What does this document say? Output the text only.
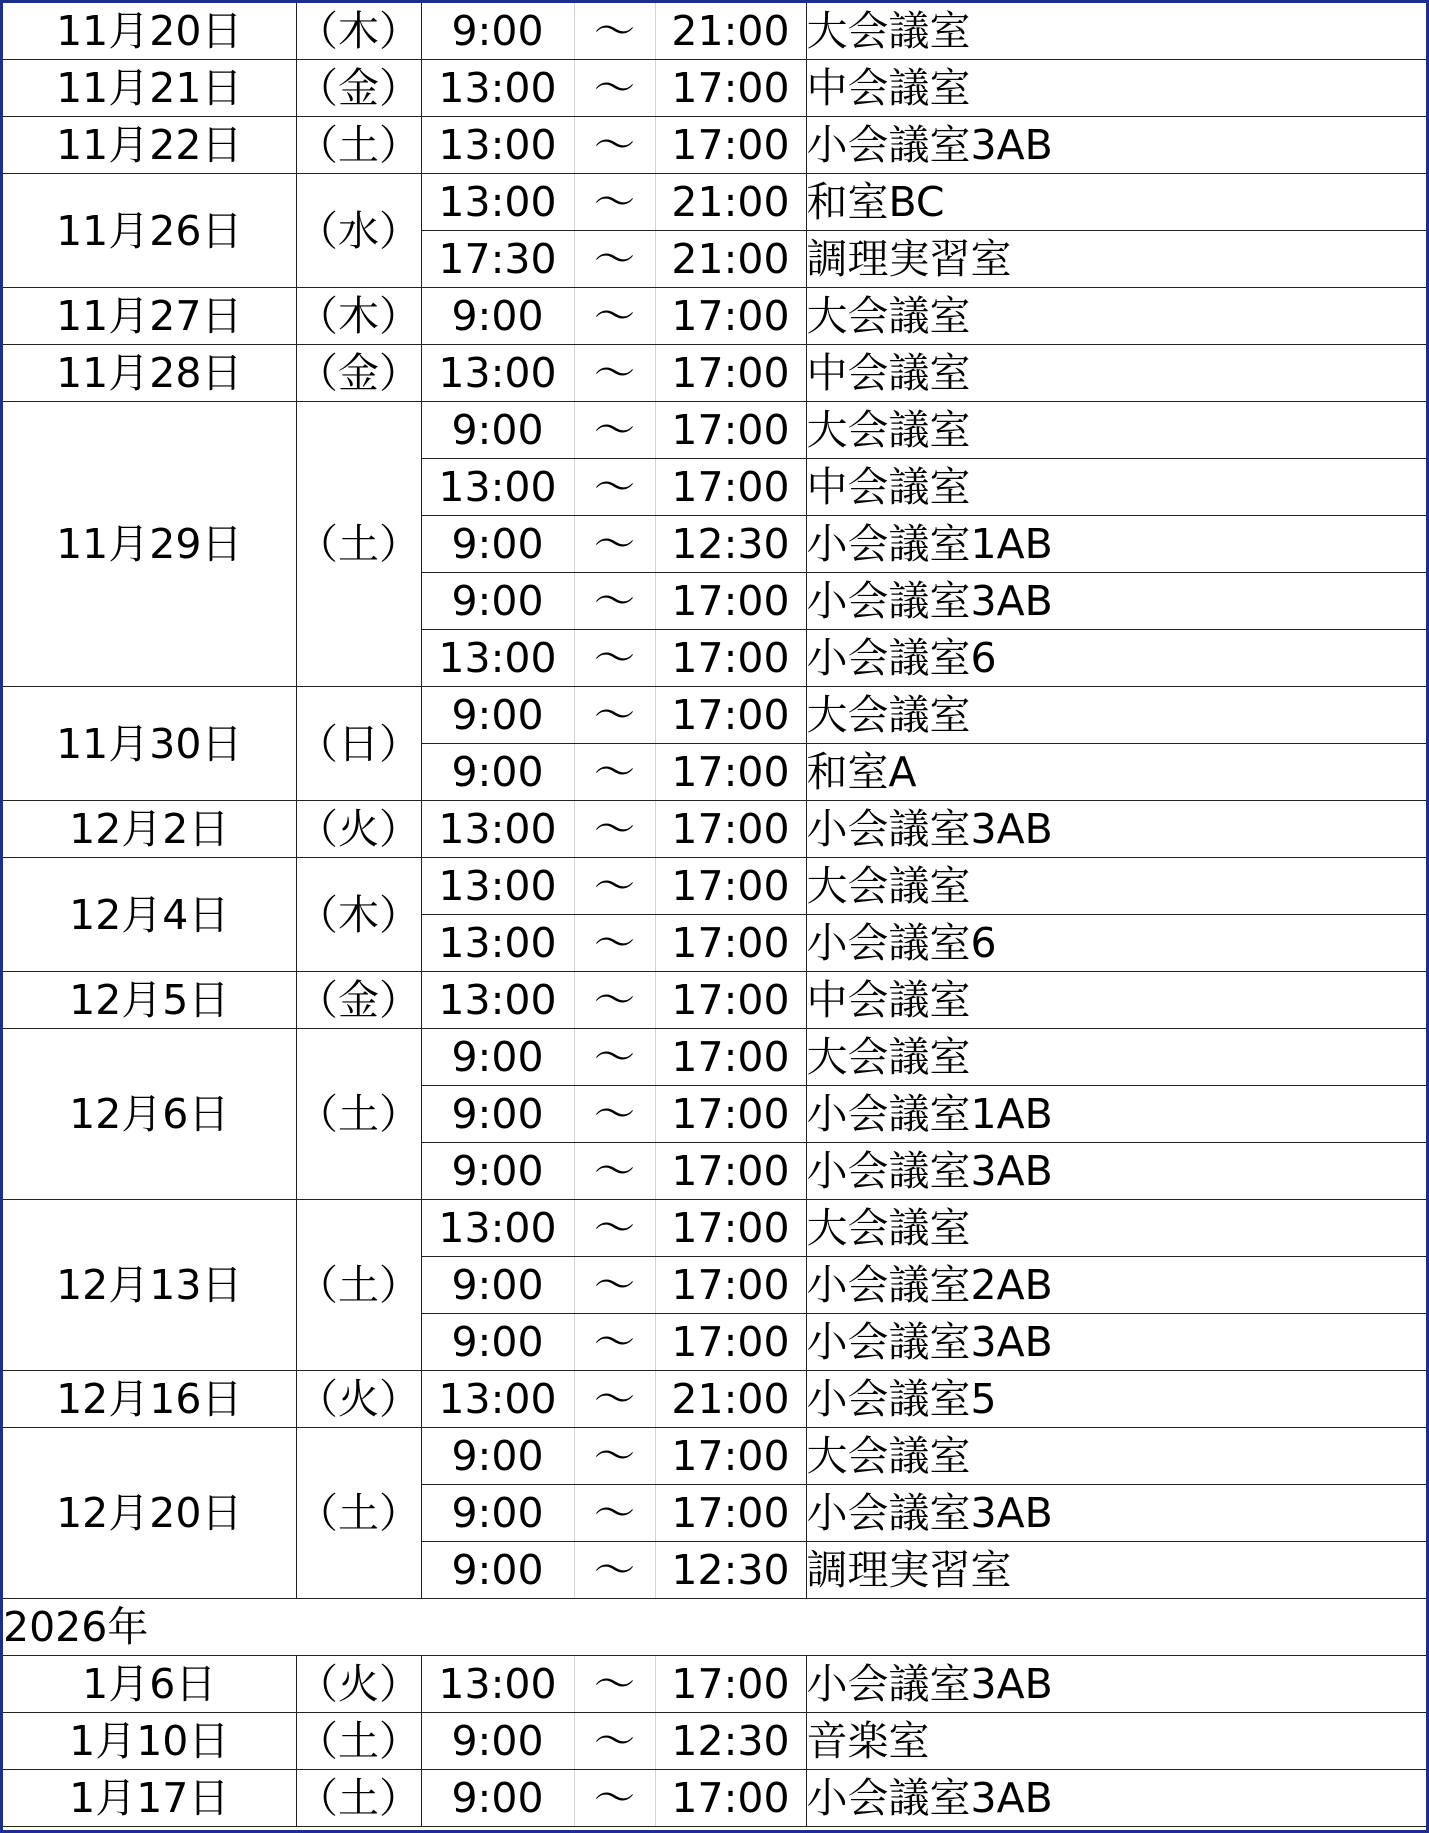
11月20日	（木）	9:00	～	21:00	大会議室
11月21日	（金）	13:00	～	17:00	中会議室
11月22日	（土）	13:00	～	17:00	小会議室3AB
11月26日	（水）	13:00	～	21:00	和室BC
		17:30	～	21:00	調理実習室
11月27日	（木）	9:00	～	17:00	大会議室
11月28日	（金）	13:00	～	17:00	中会議室
11月29日	（土）	9:00	～	17:00	大会議室
		13:00	～	17:00	中会議室
		9:00	～	12:30	小会議室1AB
		9:00	～	17:00	小会議室3AB
		13:00	～	17:00	小会議室6
11月30日	（日）	9:00	～	17:00	大会議室
		9:00	～	17:00	和室A
12月2日	（火）	13:00	～	17:00	小会議室3AB
12月4日	（木）	13:00	～	17:00	大会議室
		13:00	～	17:00	小会議室6
12月5日	（金）	13:00	～	17:00	中会議室
12月6日	（土）	9:00	～	17:00	大会議室
		9:00	～	17:00	小会議室1AB
		9:00	～	17:00	小会議室3AB
12月13日	（土）	13:00	～	17:00	大会議室
		9:00	～	17:00	小会議室2AB
		9:00	～	17:00	小会議室3AB
12月16日	（火）	13:00	～	21:00	小会議室5
12月20日	（土）	9:00	～	17:00	大会議室
		9:00	～	17:00	小会議室3AB
		9:00	～	12:30	調理実習室
2026年					
1月6日	（火）	13:00	～	17:00	小会議室3AB
1月10日	（土）	9:00	～	12:30	音楽室
1月17日	（土）	9:00	～	17:00	小会議室3AB
